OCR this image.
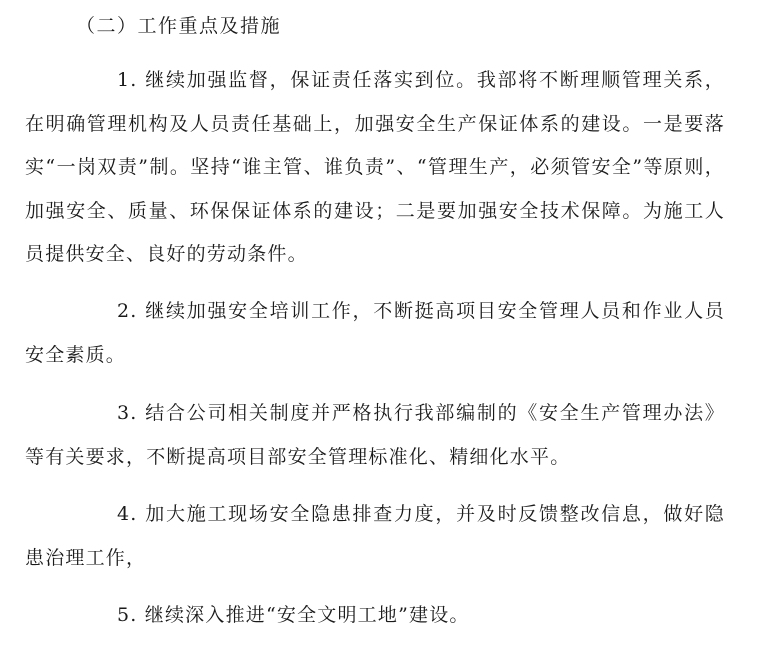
（二）工作重点及措施
1. 继续加强监督，保证责任落实到位。我部将不断理顺管理关系，在明确管理机构及人员责任基础上，加强安全生产保证体系的建设。一是要落实“一岗双责”制。坚持“谁主管、谁负责”、“管理生产，必须管安全”等原则，加强安全、质量、环保保证体系的建设；二是要加强安全技术保障。为施工人员提供安全、良好的劳动条件。
2. 继续加强安全培训工作，不断挺高项目安全管理人员和作业人员安全素质。
3. 结合公司相关制度并严格执行我部编制的《安全生产管理办法》等有关要求，不断提高项目部安全管理标准化、精细化水平。
4. 加大施工现场安全隐患排查力度，并及时反馈整改信息，做好隐患治理工作，
5. 继续深入推进“安全文明工地”建设。
